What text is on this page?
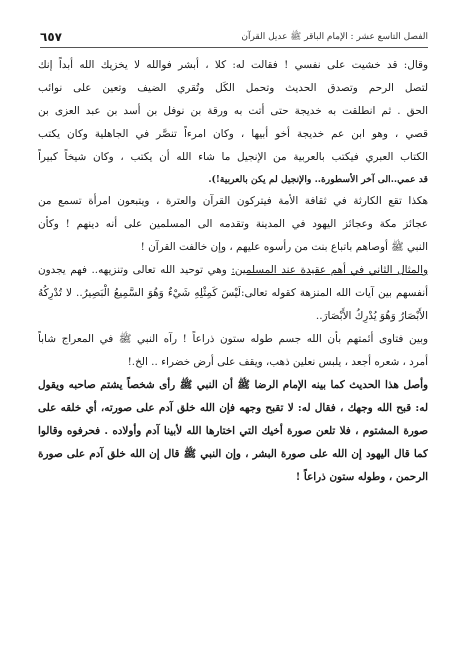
٦٥٧	الفصل التاسع عشر : الإمام الباقر ﷺ عديل القرآن

وقال: قد خشيت على نفسي ! فقالت له: كلا ، أبشر فوالله لا يخزيك الله أبداً إنك
لتصل الرحم وتصدق الحديث وتحمل الكَل وتُقري الضيف وتعين على نوائب
الحق . ثم انطلقت به خديجة حتى أتت به ورقة بن نوفل بن أسد بن عبد العزى بن
قصي ، وهو ابن عم خديجة أخو أبيها ، وكان امرءاً تنصَّر في الجاهلية وكان يكتب
الكتاب العبري فيكتب بالعربية من الإنجيل ما شاء الله أن يكتب ، وكان شيخاً كبيراً

قد عمي..الى آخر الأسطورة.. والإنجيل لم يكن بالعربية!).

هكذا تقع الكارثة في ثقافة الأمة فيتركون القرآن والعترة ، ويتبعون امرأة تسمع من
عجائز مكة وعجائز اليهود في المدينة وتقدمه الى المسلمين على أنه دينهم ! وكأن
النبي ﷺ أوصاهم باتباع بنت من رأسوه عليهم ، وإن خالفت القرآن !

والمثال الثاني في أهم عقيدة عند المسلمين: وهي توحيد الله تعالى وتنزيهه.. فهم يجدون
أنفسهم بين آيات الله المنزهة كقوله تعالى:لَيْسَ كَمِثْلِهِ شَيْءٌ وَهُوَ السَّمِيعُ الْبَصِيرُ.. لا تُدْرِكُهُ
الأَبْصَارُ وَهُوَ يُدْرِكُ الأَبْصَارَ..

وبين فتاوى أئمتهم بأن الله جسم طوله ستون ذراعاً ! رآه النبي ﷺ في المعراج شاباً
أمرد ، شعره أجعد ، يلبس نعلين ذهب، ويقف على أرض خضراء .. الخ.!

وأصل هذا الحديث كما بينه الإمام الرضا ﷺ أن النبي ﷺ رأى شخصاً يشتم صاحبه ويقول
له: قبح الله وجهك ، فقال له: لا تقبح وجهه فإن الله خلق آدم على صورته، أي خلقه على
صورة المشتوم ، فلا تلعن صورة أخيك التي اختارها الله لأبينا آدم وأولاده . فحرفوه وقالوا
كما قال اليهود إن الله على صورة البشر ، وإن النبي ﷺ قال إن الله خلق آدم على صورة
الرحمن ، وطوله ستون ذراعاً !
